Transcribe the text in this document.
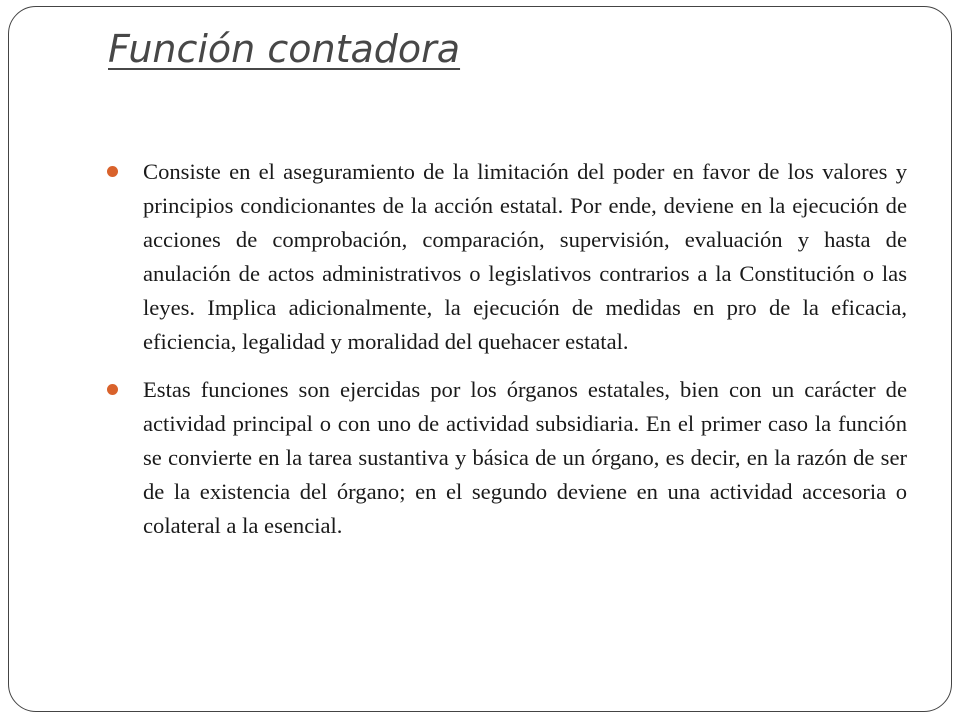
Función contadora
Consiste en el aseguramiento de la limitación del poder en favor de los valores y principios condicionantes de la acción estatal. Por ende, deviene en la ejecución de acciones de comprobación, comparación, supervisión, evaluación y hasta de anulación de actos administrativos o legislativos contrarios a la Constitución o las leyes. Implica adicionalmente, la ejecución de medidas en pro de la eficacia, eficiencia, legalidad y moralidad del quehacer estatal.
Estas funciones son ejercidas por los órganos estatales, bien con un carácter de actividad principal o con uno de actividad subsidiaria. En el primer caso la función se convierte en la tarea sustantiva y básica de un órgano, es decir, en la razón de ser de la existencia del órgano; en el segundo deviene en una actividad accesoria o colateral a la esencial.
